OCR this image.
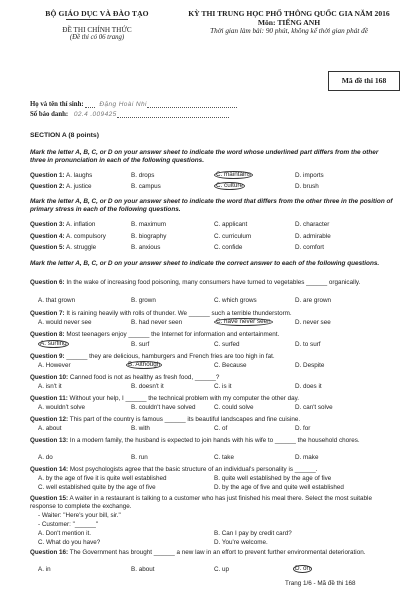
BỘ GIÁO DỤC VÀ ĐÀO TẠO
ĐỀ THI CHÍNH THỨC
(Đề thi có 06 trang)
KỲ THI TRUNG HỌC PHỔ THÔNG QUỐC GIA NĂM 2016
Môn: TIẾNG ANH
Thời gian làm bài: 90 phút, không kể thời gian phát đề
Mã đề thi 168
Họ và tên thí sinh: Đặng Hoài Nhi
Số báo danh: 02.4 .009425
SECTION A (8 points)
Mark the letter A, B, C, or D on your answer sheet to indicate the word whose underlined part differs from the other three in pronunciation in each of the following questions.
Question 1: A. laughs	B. drops	C. maintains	D. imports
Question 2: A. justice	B. campus	C. culture	D. brush
Mark the letter A, B, C, or D on your answer sheet to indicate the word that differs from the other three in the position of primary stress in each of the following questions.
Question 3: A. inflation	B. maximum	C. applicant	D. character
Question 4: A. compulsory	B. biography	C. curriculum	D. admirable
Question 5: A. struggle	B. anxious	C. confide	D. comfort
Mark the letter A, B, C, or D on your answer sheet to indicate the correct answer to each of the following questions.
Question 6: In the wake of increasing food poisoning, many consumers have turned to vegetables ______ organically.
A. that grown	B. grown	C. which grows	D. are grown
Question 7: It is raining heavily with rolls of thunder. We ______ such a terrible thunderstorm.
A. would never see	B. had never seen	C. have never seen	D. never see
Question 8: Most teenagers enjoy ______ the Internet for information and entertainment.
A. surfing	B. surf	C. surfed	D. to surf
Question 9: ______ they are delicious, hamburgers and French fries are too high in fat.
A. However	B. Although	C. Because	D. Despite
Question 10: Canned food is not as healthy as fresh food, ______?
A. isn't it	B. doesn't it	C. is it	D. does it
Question 11: Without your help, I ______ the technical problem with my computer the other day.
A. wouldn't solve	B. couldn't have solved	C. could solve	D. can't solve
Question 12: This part of the country is famous ______ its beautiful landscapes and fine cuisine.
A. about	B. with	C. of	D. for
Question 13: In a modern family, the husband is expected to join hands with his wife to ______ the household chores.
A. do	B. run	C. take	D. make
Question 14: Most psychologists agree that the basic structure of an individual's personality is ______.
A. by the age of five it is quite well established	B. quite well established by the age of five
C. well established quite by the age of five	D. by the age of five and quite well established
Question 15: A waiter in a restaurant is talking to a customer who has just finished his meal there. Select the most suitable response to complete the exchange.
- Waiter: "Here's your bill, sir."
- Customer: "______"
A. Don't mention it.	B. Can I pay by credit card?
C. What do you have?	D. You're welcome.
Question 16: The Government has brought ______ a new law in an effort to prevent further environmental deterioration.
A. in	B. about	C. up	D. on
Trang 1/6 - Mã đề thi 168
